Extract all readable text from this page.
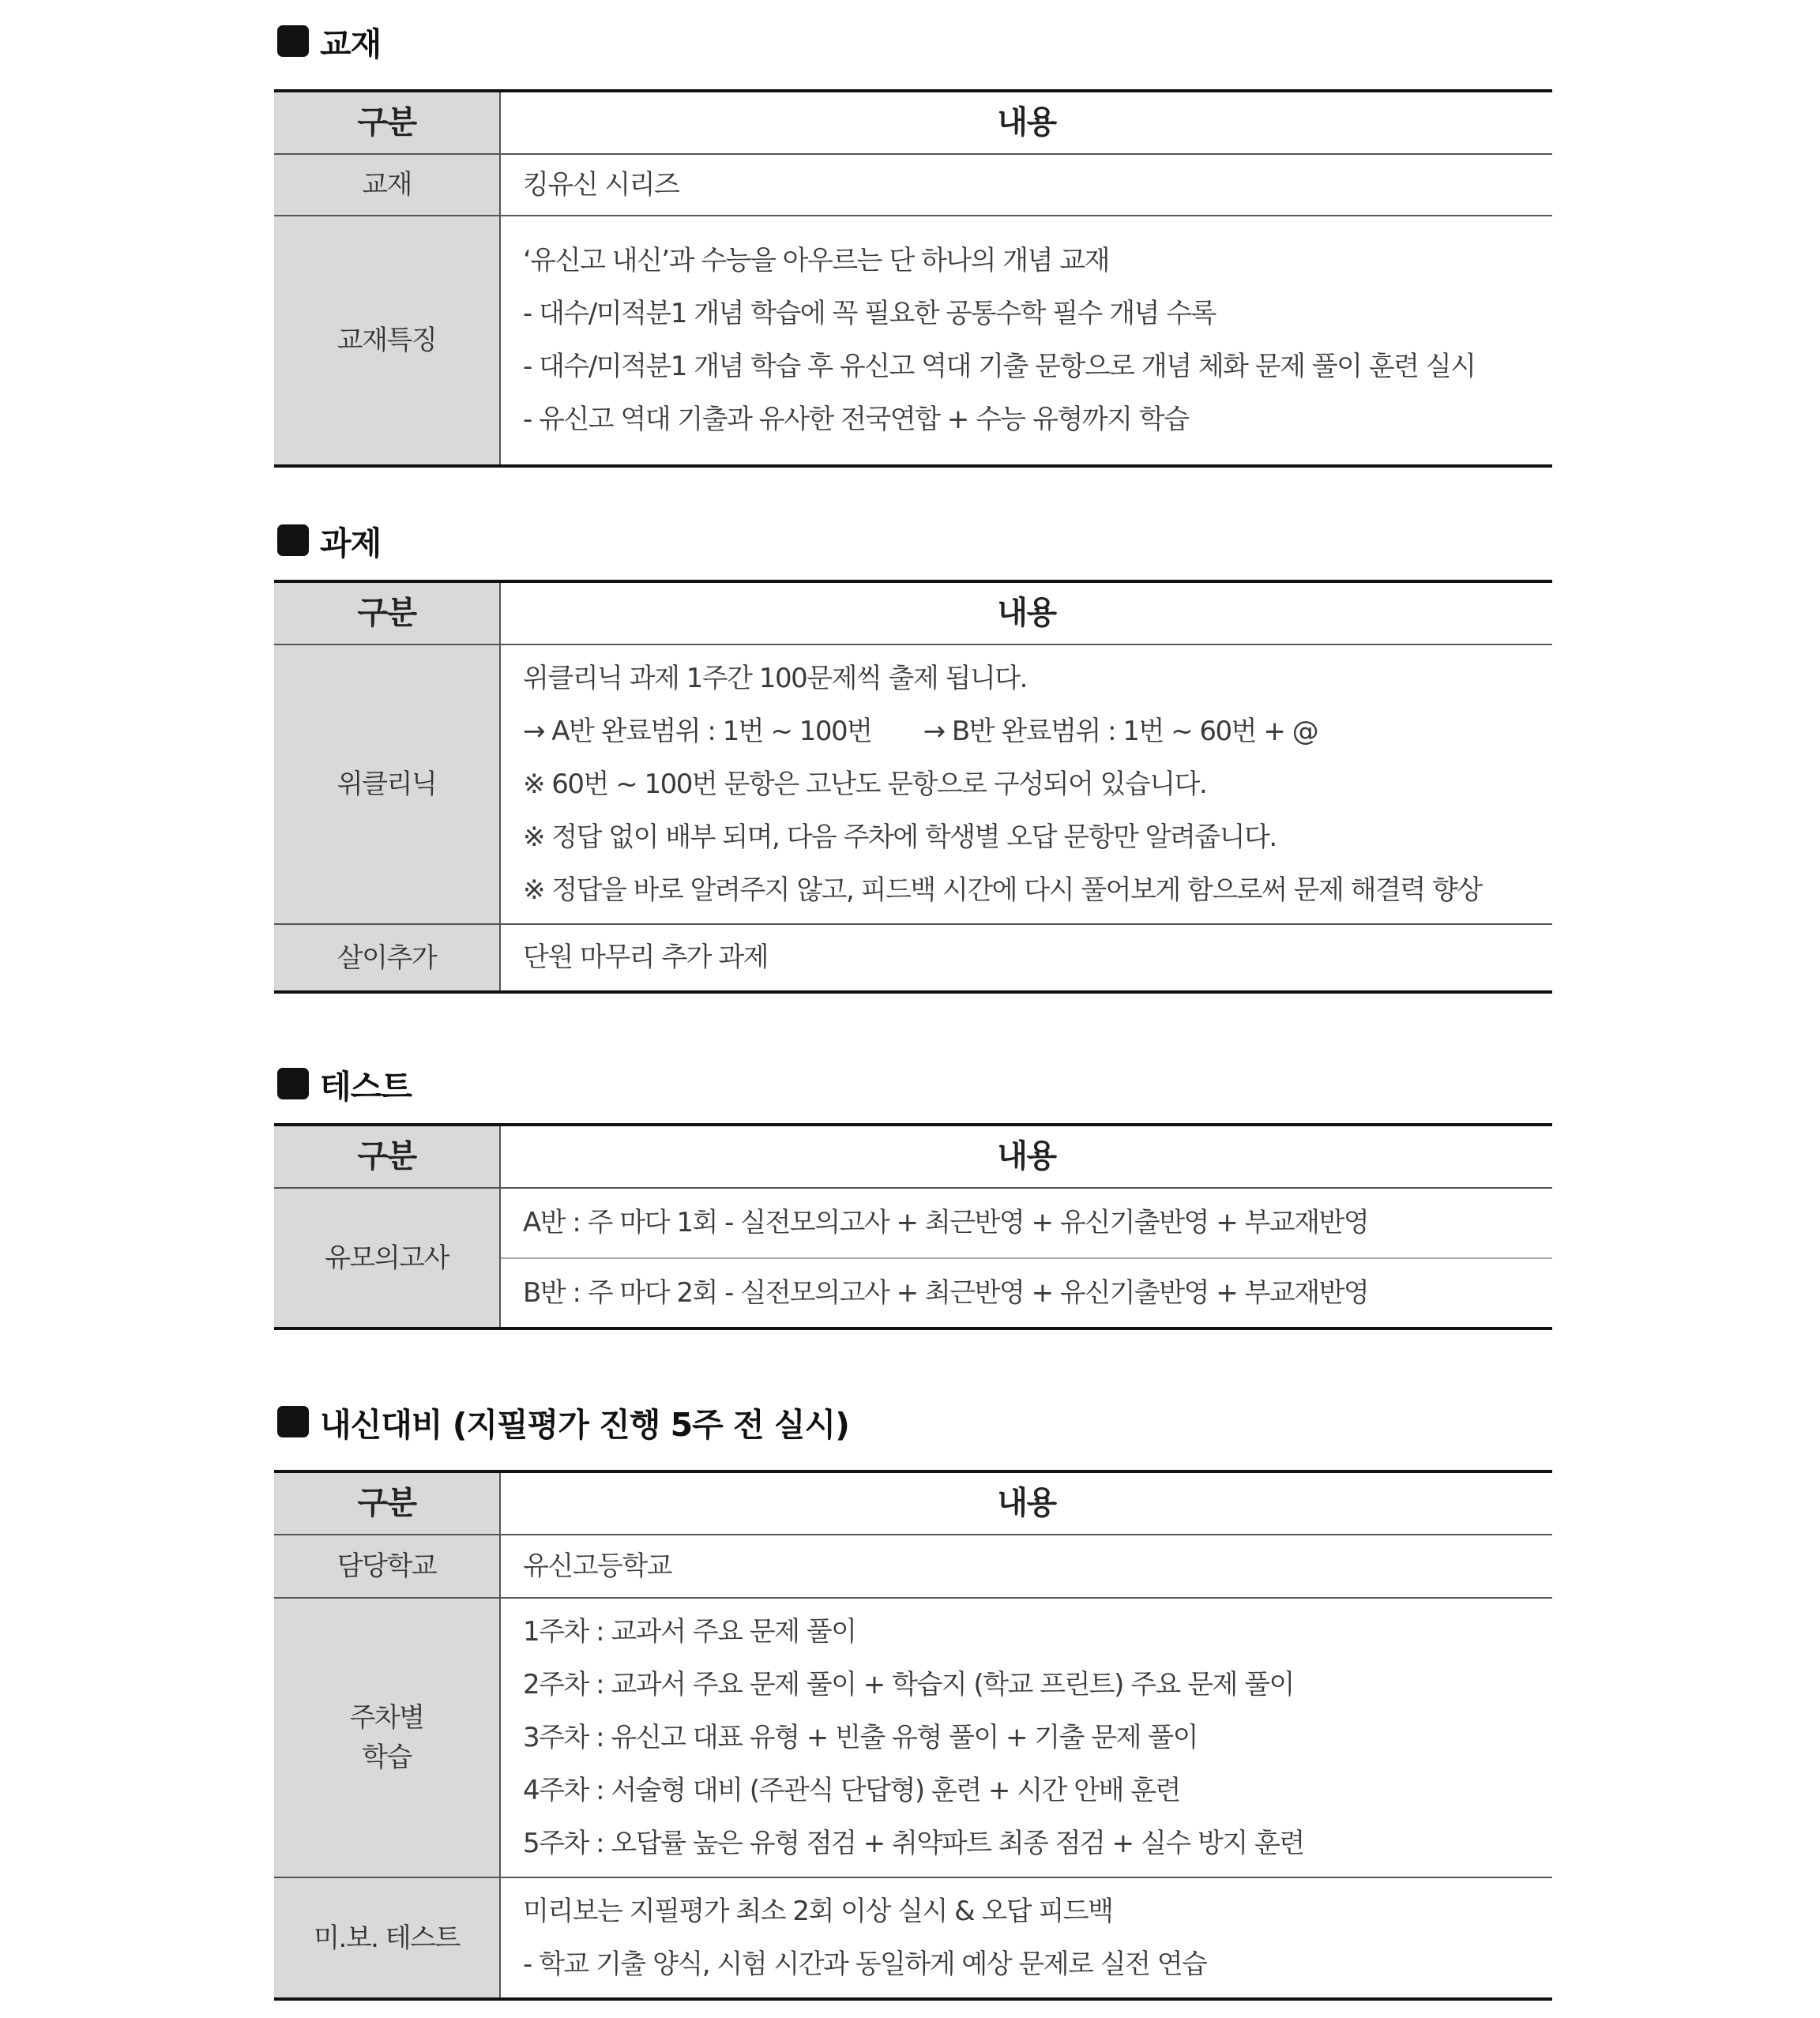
교재
구분	내용
교재	킹유신 시리즈

교재특징	‘유신고 내신’과 수능을 아우르는 단 하나의 개념 교재
- 대수/미적분1 개념 학습에 꼭 필요한 공통수학 필수 개념 수록
- 대수/미적분1 개념 학습 후 유신고 역대 기출 문항으로 개념 체화 문제 풀이 훈련 실시
- 유신고 역대 기출과 유사한 전국연합 + 수능 유형까지 학습
과제
구분	내용
위클리닉	위클리닉 과제 1주간 100문제씩 출제 됩니다.
→ A반 완료범위 : 1번 ~ 100번       → B반 완료범위 : 1번 ~ 60번 + @
※ 60번 ~ 100번 문항은 고난도 문항으로 구성되어 있습니다.
※ 정답 없이 배부 되며, 다음 주차에 학생별 오답 문항만 알려줍니다.
※ 정답을 바로 알려주지 않고, 피드백 시간에 다시 풀어보게 함으로써 문제 해결력 향상

살이추가	단원 마무리 추가 과제
테스트
구분	내용
유모의고사	A반 : 주 마다 1회 - 실전모의고사 + 최근반영 + 유신기출반영 + 부교재반영

	B반 : 주 마다 2회 - 실전모의고사 + 최근반영 + 유신기출반영 + 부교재반영
내신대비 (지필평가 진행 5주 전 실시)
구분	내용
담당학교	유신고등학교

주차별
학습	1주차 : 교과서 주요 문제 풀이
2주차 : 교과서 주요 문제 풀이 + 학습지 (학교 프린트) 주요 문제 풀이
3주차 : 유신고 대표 유형 + 빈출 유형 풀이 + 기출 문제 풀이
4주차 : 서술형 대비 (주관식 단답형) 훈련 + 시간 안배 훈련
5주차 : 오답률 높은 유형 점검 + 취약파트 최종 점검 + 실수 방지 훈련

미.보. 테스트	미리보는 지필평가 최소 2회 이상 실시 & 오답 피드백
- 학교 기출 양식, 시험 시간과 동일하게 예상 문제로 실전 연습
